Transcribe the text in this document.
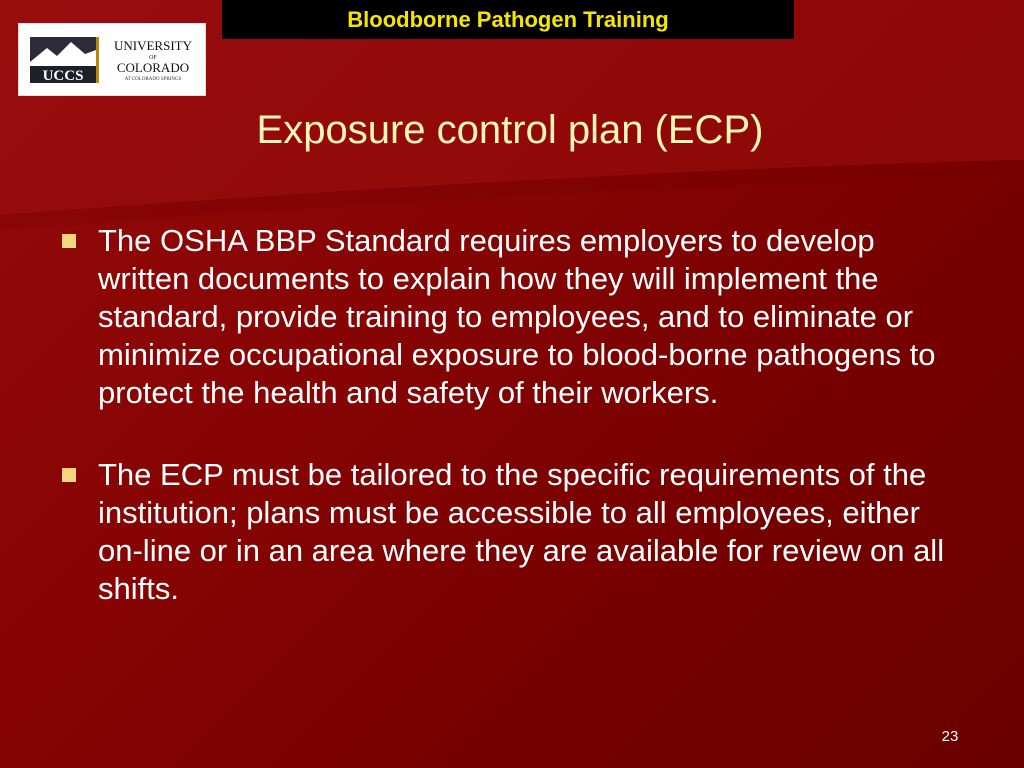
Bloodborne Pathogen Training
UCCS
UNIVERSITY
OF
COLORADO
AT COLORADO SPRINGS
Exposure control plan (ECP)
The OSHA BBP Standard requires employers to develop written documents to explain how they will implement the standard, provide training to employees, and to eliminate or minimize occupational exposure to blood-borne pathogens to protect the health and safety of their workers.
The ECP must be tailored to the specific requirements of the institution; plans must be accessible to all employees, either on-line or in an area where they are available for review on all shifts.
23
